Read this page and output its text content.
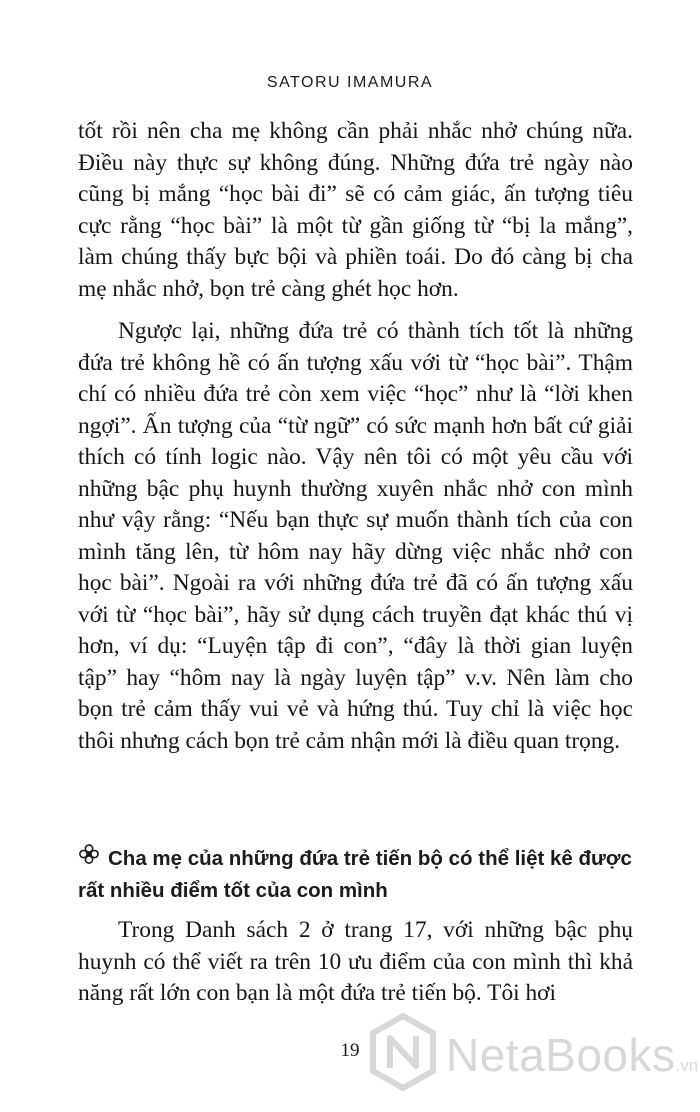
SATORU IMAMURA

tốt rồi nên cha mẹ không cần phải nhắc nhở chúng nữa. Điều này thực sự không đúng. Những đứa trẻ ngày nào cũng bị mắng “học bài đi” sẽ có cảm giác, ấn tượng tiêu cực rằng “học bài” là một từ gần giống từ “bị la mắng”, làm chúng thấy bực bội và phiền toái. Do đó càng bị cha mẹ nhắc nhở, bọn trẻ càng ghét học hơn.

Ngược lại, những đứa trẻ có thành tích tốt là những đứa trẻ không hề có ấn tượng xấu với từ “học bài”. Thậm chí có nhiều đứa trẻ còn xem việc “học” như là “lời khen ngợi”. Ấn tượng của “từ ngữ” có sức mạnh hơn bất cứ giải thích có tính logic nào. Vậy nên tôi có một yêu cầu với những bậc phụ huynh thường xuyên nhắc nhở con mình như vậy rằng: “Nếu bạn thực sự muốn thành tích của con mình tăng lên, từ hôm nay hãy dừng việc nhắc nhở con học bài”. Ngoài ra với những đứa trẻ đã có ấn tượng xấu với từ “học bài”, hãy sử dụng cách truyền đạt khác thú vị hơn, ví dụ: “Luyện tập đi con”, “đây là thời gian luyện tập” hay “hôm nay là ngày luyện tập” v.v. Nên làm cho bọn trẻ cảm thấy vui vẻ và hứng thú. Tuy chỉ là việc học thôi nhưng cách bọn trẻ cảm nhận mới là điều quan trọng.

Cha mẹ của những đứa trẻ tiến bộ có thể liệt kê được rất nhiều điểm tốt của con mình

Trong Danh sách 2 ở trang 17, với những bậc phụ huynh có thể viết ra trên 10 ưu điểm của con mình thì khả năng rất lớn con bạn là một đứa trẻ tiến bộ. Tôi hơi

19	NetaBooks.vn
